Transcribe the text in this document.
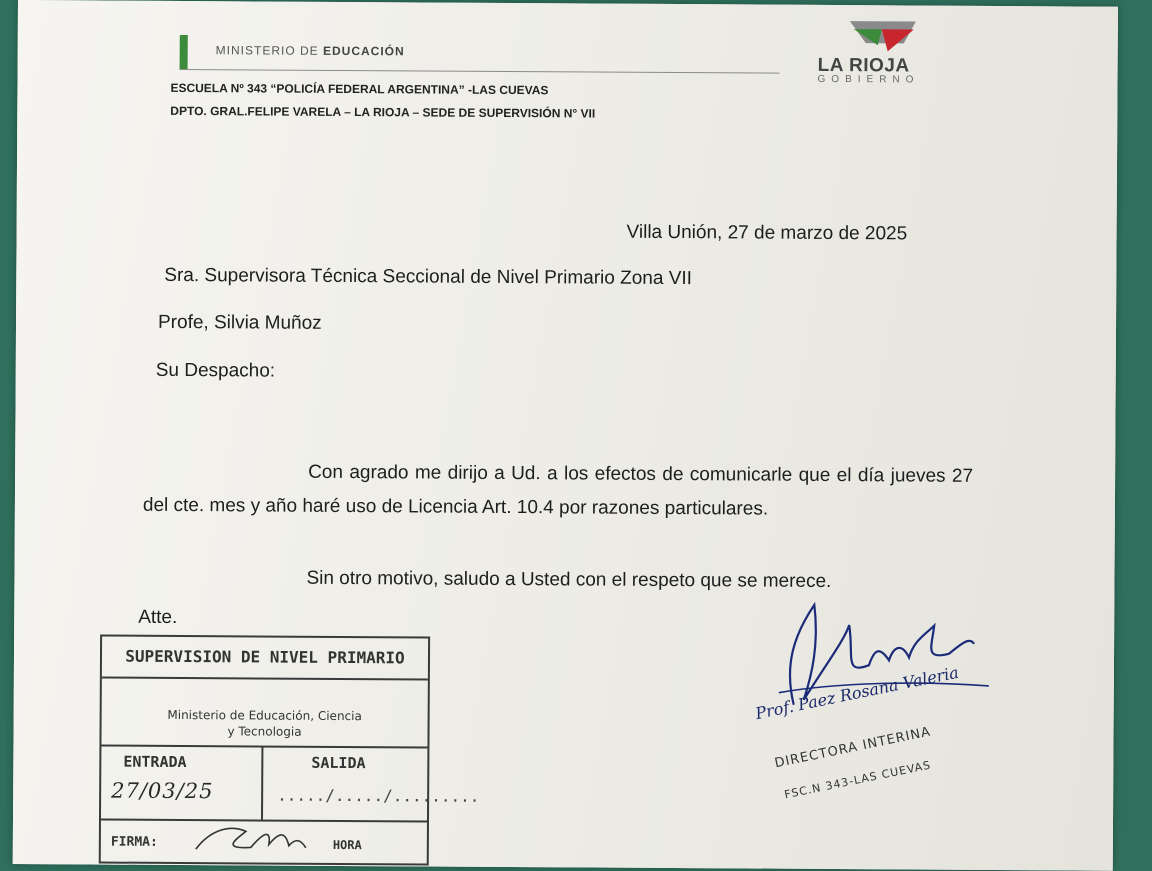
MINISTERIO DE EDUCACIÓN
ESCUELA Nº 343 “POLICÍA FEDERAL ARGENTINA” -LAS CUEVAS
DPTO. GRAL.FELIPE VARELA – LA RIOJA – SEDE DE SUPERVISIÓN N° VII
LA RIOJA
GOBIERNO
Villa Unión, 27 de marzo de 2025
Sra. Supervisora Técnica Seccional de Nivel Primario Zona VII
Profe, Silvia Muñoz
Su Despacho:
Con agrado me dirijo a Ud. a los efectos de comunicarle que el día jueves 27 del cte. mes y año haré uso de Licencia Art. 10.4 por razones particulares.
Sin otro motivo, saludo a Usted con el respeto que se merece.
Atte.
SUPERVISION DE NIVEL PRIMARIO
Ministerio de Educación, Ciencia
y Tecnologia
ENTRADA	SALIDA
27/03/25	...../...../.........
FIRMA:	HORA
Prof. Paez Rosana Valeria
DIRECTORA INTERINA
FSC.N 343-LAS CUEVAS
